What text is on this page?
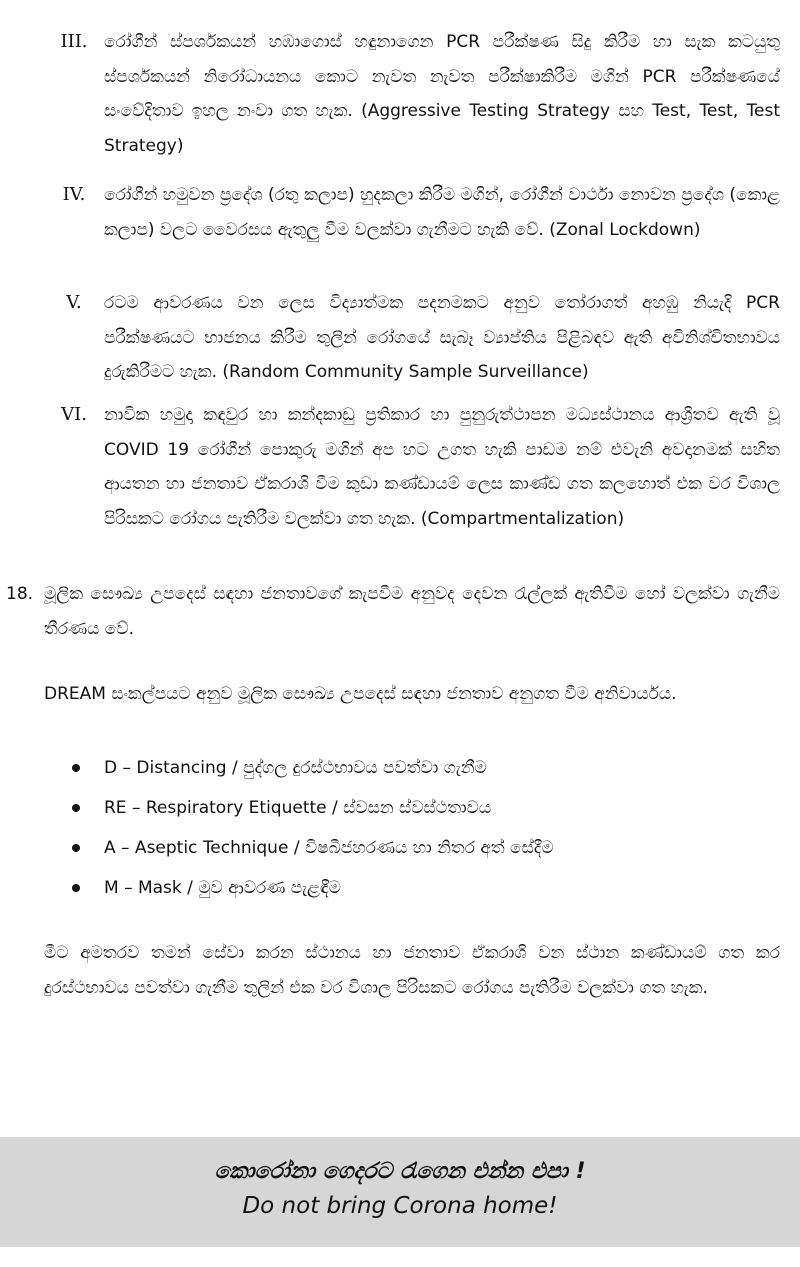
III. රෝගීන් ස්පර්ශකයන් හඹාගොස් හඳුනාගෙන PCR පරීක්ෂණ සිදු කිරීම හා සැක කටයුතු ස්පර්ශකයන් නිරෝධායනය කොට නැවත නැවත පරීක්ෂාකිරීම මගින් PCR පරීක්ෂණයේ සංවේදිතාව ඉහල නංවා ගත හැක. (Aggressive Testing Strategy සහ Test, Test, Test Strategy)
IV.	රෝගීන් හමුවන ප්‍රදේශ (රතු කලාප) හුදකලා කිරීම මගින්, රෝගීන් වාර්ථා නොවන ප්‍රදේශ (කොළ කලාප) වලට වෛරසය ඇතුලු වීම වලක්වා ගැනීමට හැකි වේ. (Zonal Lockdown)
V.	රටම ආවරණය වන ලෙස විද්‍යාත්මක පදනමකට අනුව තෝරාගත් අහඹු නියැදි PCR පරීක්ෂණයට භාජනය කිරීම තුලින් රෝගයේ සැබෑ ව්‍යාප්තිය පිළිබඳව ඇති අවිනිශ්චිතභාවය දුරුකිරීමට හැක. (Random Community Sample Surveillance)
VI.	නාවික හමුදා කඳවුර හා කන්දකාඩු ප්‍රතිකාර හා පුනුරුත්ථාපන මධ්‍යස්ථානය ආශ්‍රිතව ඇති වූ COVID 19 රෝගීන් පොකුරු මගින් අප හට උගත හැකි පාඩම නම් එවැනි අවදානමක් සහිත ආයතන හා ජනතාව ඒකරාශි වීම කුඩා කණ්ඩායම් ලෙස කාණ්ඩ ගත කලහොත් එක වර විශාල පිරිසකට රෝගය පැතිරීම වලක්වා ගත හැක. (Compartmentalization)
18. මූලික සෞඛ්‍ය උපදෙස් සඳහා ජනතාවගේ කැපවීම අනුවද දෙවන රැල්ලක් ඇතිවීම හෝ වලක්වා ගැනීම තීරණය වේ.
DREAM සංකල්පයට අනුව මූලික සෞඛ්‍ය උපදෙස් සඳහා ජනතාව අනුගත වීම අනිවාර්යය.
D – Distancing / පුද්ගල දුරස්ථභාවය පවත්වා ගැනීම
RE – Respiratory Etiquette / ස්වසන ස්වස්ථතාවය
A – Aseptic Technique / විෂබීජහරණය හා නිතර අත් සේදීම
M – Mask / මුව ආවරණ පැළඳීම
මීට අමතරව තමන් සේවා කරන ස්ථානය හා ජනතාව ඒකරාශි වන ස්ථාන කණ්ඩායම් ගත කර දුරස්ථභාවය පවත්වා ගැනීම තුලින් එක වර විශාල පිරිසකට රෝගය පැතිරීම වලක්වා ගත හැක.
කොරෝනා ගෙදරට රැගෙන එන්න එපා !
Do not bring Corona home!
